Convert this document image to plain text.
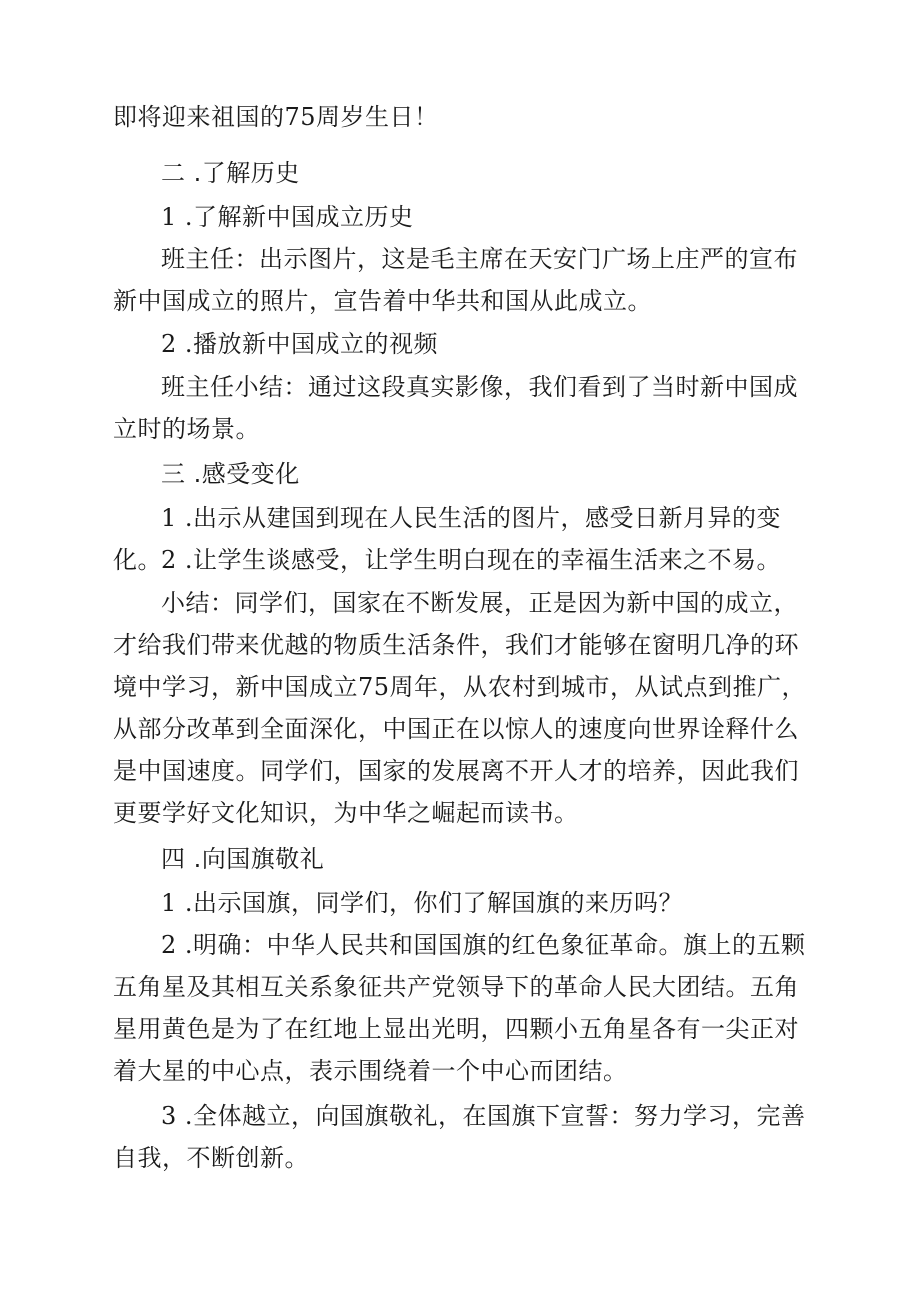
即将迎来祖国的75周岁生日！

二 .了解历史

1 .了解新中国成立历史

班主任：出示图片，这是毛主席在天安门广场上庄严的宣布新中国成立的照片，宣告着中华共和国从此成立。

2 .播放新中国成立的视频

班主任小结：通过这段真实影像，我们看到了当时新中国成立时的场景。

三 .感受变化

1 .出示从建国到现在人民生活的图片，感受日新月异的变化。 2 .让学生谈感受，让学生明白现在的幸福生活来之不易。

小结：同学们，国家在不断发展，正是因为新中国的成立，才给我们带来优越的物质生活条件，我们才能够在窗明几净的环境中学习，新中国成立75周年，从农村到城市，从试点到推广，从部分改革到全面深化，中国正在以惊人的速度向世界诠释什么是中国速度。同学们，国家的发展离不开人才的培养，因此我们更要学好文化知识，为中华之崛起而读书。

四 .向国旗敬礼

1 .出示国旗，同学们，你们了解国旗的来历吗？

2 .明确：中华人民共和国国旗的红色象征革命。旗上的五颗五角星及其相互关系象征共产党领导下的革命人民大团结。五角星用黄色是为了在红地上显出光明，四颗小五角星各有一尖正对着大星的中心点，表示围绕着一个中心而团结。

3 .全体越立，向国旗敬礼，在国旗下宣誓：努力学习，完善自我，不断创新。
